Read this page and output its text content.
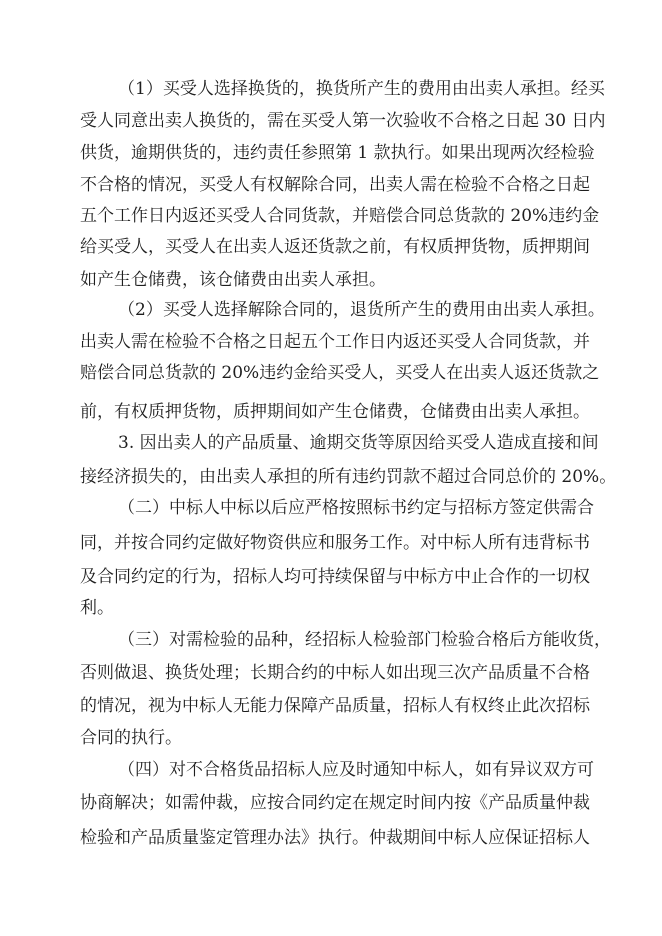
（1）买受人选择换货的，换货所产生的费用由出卖人承担。经买
受人同意出卖人换货的，需在买受人第一次验收不合格之日起 30 日内
供货，逾期供货的，违约责任参照第 1 款执行。如果出现两次经检验
不合格的情况，买受人有权解除合同，出卖人需在检验不合格之日起
五个工作日内返还买受人合同货款，并赔偿合同总货款的 20%违约金
给买受人，买受人在出卖人返还货款之前，有权质押货物，质押期间
如产生仓储费，该仓储费由出卖人承担。
（2）买受人选择解除合同的，退货所产生的费用由出卖人承担。
出卖人需在检验不合格之日起五个工作日内返还买受人合同货款，并
赔偿合同总货款的 20%违约金给买受人，买受人在出卖人返还货款之
前，有权质押货物，质押期间如产生仓储费，仓储费由出卖人承担。
3. 因出卖人的产品质量、逾期交货等原因给买受人造成直接和间
接经济损失的，由出卖人承担的所有违约罚款不超过合同总价的 20%。
（二）中标人中标以后应严格按照标书约定与招标方签定供需合
同，并按合同约定做好物资供应和服务工作。对中标人所有违背标书
及合同约定的行为，招标人均可持续保留与中标方中止合作的一切权
利。
（三）对需检验的品种，经招标人检验部门检验合格后方能收货，
否则做退、换货处理；长期合约的中标人如出现三次产品质量不合格
的情况，视为中标人无能力保障产品质量，招标人有权终止此次招标
合同的执行。
（四）对不合格货品招标人应及时通知中标人，如有异议双方可
协商解决；如需仲裁，应按合同约定在规定时间内按《产品质量仲裁
检验和产品质量鉴定管理办法》执行。仲裁期间中标人应保证招标人
